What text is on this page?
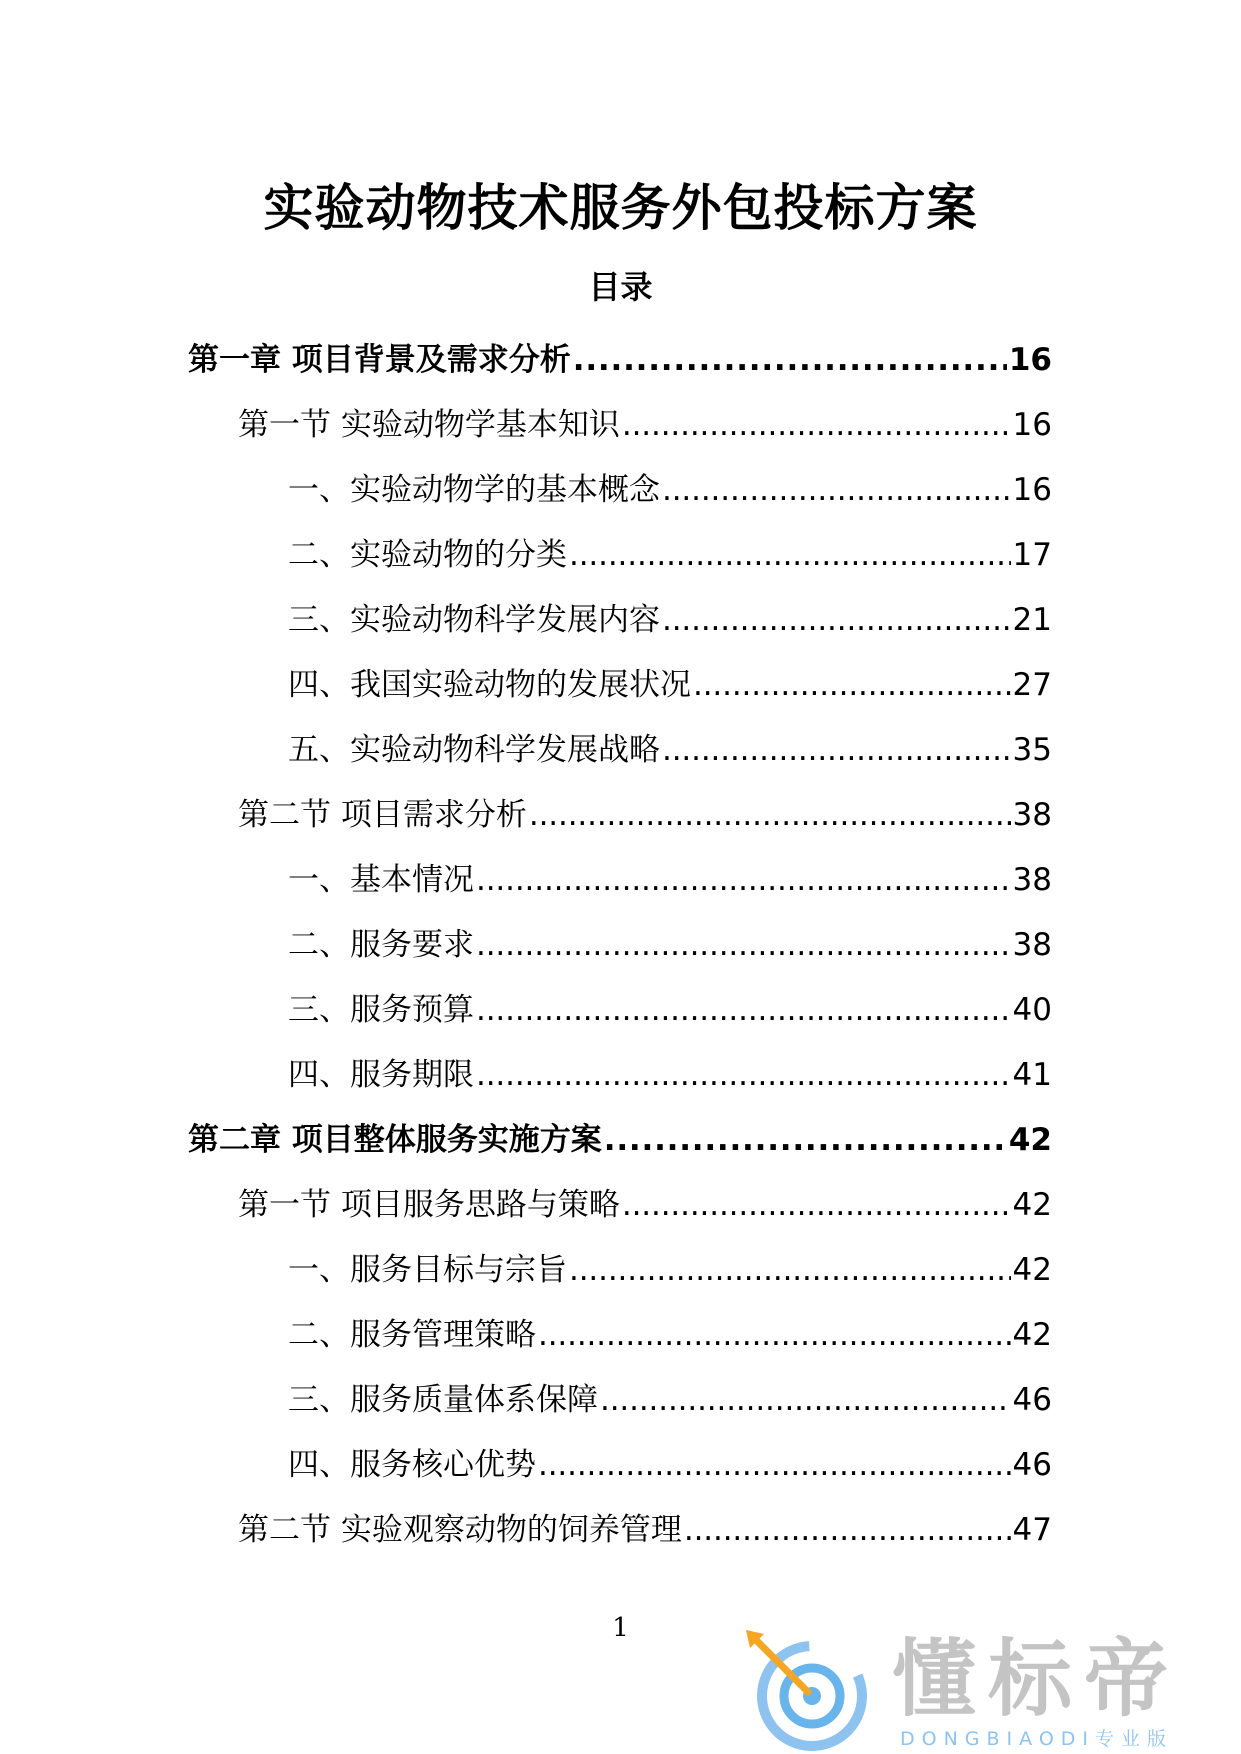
实验动物技术服务外包投标方案
目录
第一章 项目背景及需求分析 . . .	16
第一节 实验动物学基本知识 . . .	16
一、实验动物学的基本概念 . . .	16
二、实验动物的分类 . . .	17
三、实验动物科学发展内容 . . .	21
四、我国实验动物的发展状况 . . .	27
五、实验动物科学发展战略 . . .	35
第二节 项目需求分析 . . .	38
一、基本情况 . . .	38
二、服务要求 . . .	38
三、服务预算 . . .	40
四、服务期限 . . .	41
第二章 项目整体服务实施方案 . . .	42
第一节 项目服务思路与策略 . . .	42
一、服务目标与宗旨 . . .	42
二、服务管理策略 . . .	42
三、服务质量体系保障 . . .	46
四、服务核心优势 . . .	46
第二节 实验观察动物的饲养管理 . . .	47
1
懂标帝
DONGBIAODI专业版
